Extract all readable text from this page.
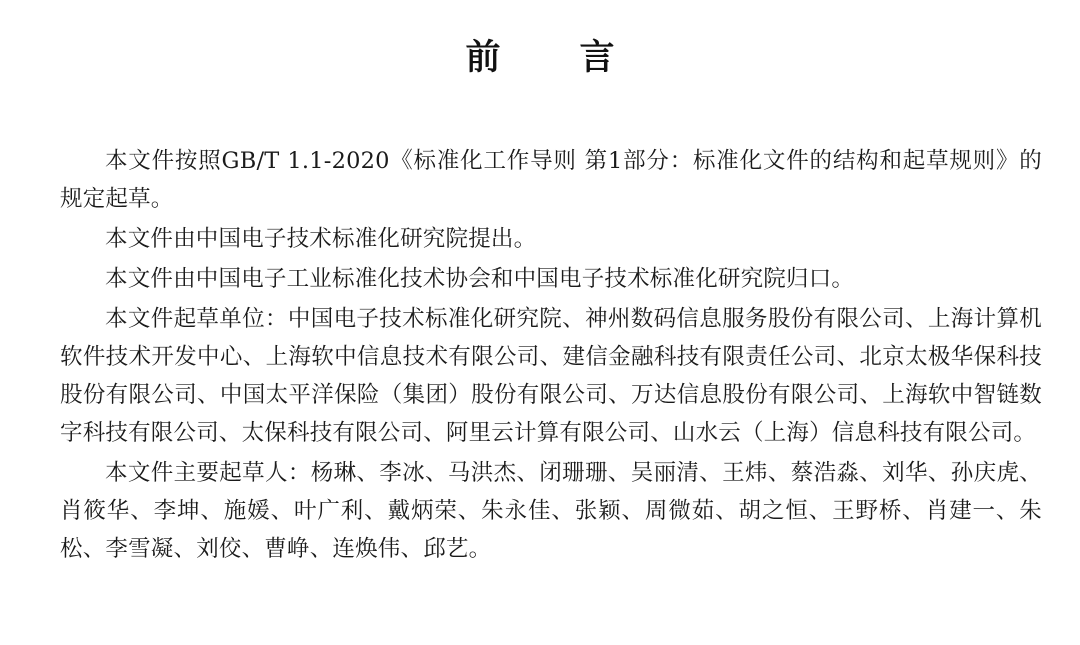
前　言

本文件按照GB/T 1.1-2020《标准化工作导则 第1部分：标准化文件的结构和起草规则》的规定起草。

本文件由中国电子技术标准化研究院提出。

本文件由中国电子工业标准化技术协会和中国电子技术标准化研究院归口。

本文件起草单位：中国电子技术标准化研究院、神州数码信息服务股份有限公司、上海计算机软件技术开发中心、上海软中信息技术有限公司、建信金融科技有限责任公司、北京太极华保科技股份有限公司、中国太平洋保险（集团）股份有限公司、万达信息股份有限公司、上海软中智链数字科技有限公司、太保科技有限公司、阿里云计算有限公司、山水云（上海）信息科技有限公司。

本文件主要起草人：杨琳、李冰、马洪杰、闭珊珊、吴丽清、王炜、蔡浩淼、刘华、孙庆虎、肖筱华、李坤、施媛、叶广利、戴炳荣、朱永佳、张颖、周微茹、胡之恒、王野桥、肖建一、朱松、李雪凝、刘佼、曹峥、连焕伟、邱艺。
